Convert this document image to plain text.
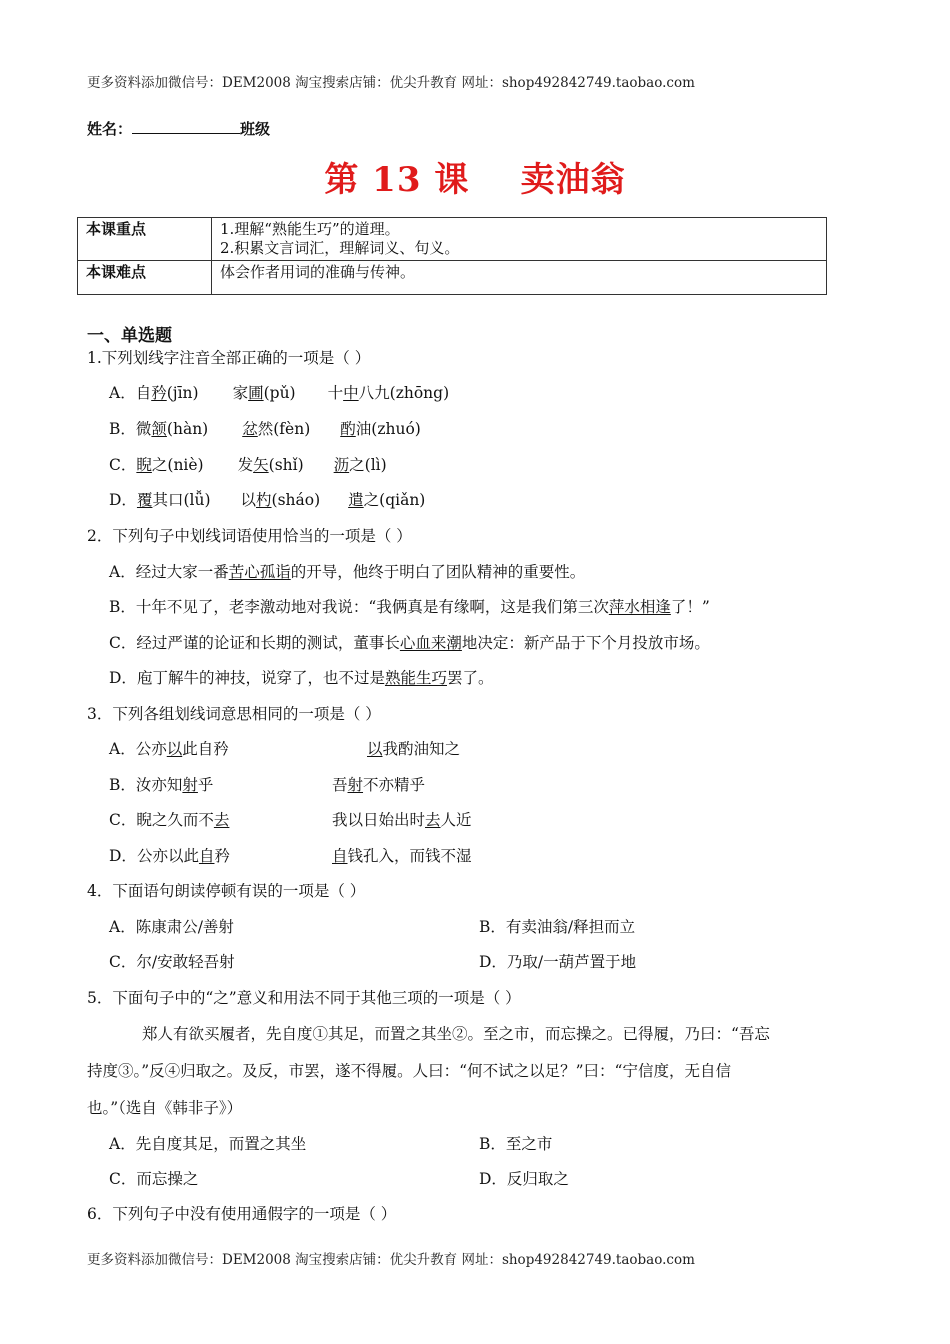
更多资料添加微信号：DEM2008 淘宝搜索店铺：优尖升教育 网址：shop492842749.taobao.com
姓名：	班级
第 13 课    卖油翁
本课重点	1.理解“熟能生巧”的道理。
2.积累文言词汇，理解词义、句义。

本课难点	体会作者用词的准确与传神。
一、单选题
1.下列划线字注音全部正确的一项是（ ）
A．自矜(jīn) 家圃(pǔ) 十中八九(zhōng)
B．微颔(hàn) 忿然(fèn) 酌油(zhuó)
C．睨之(niè) 发矢(shǐ) 沥之(lì)
D．覆其口(lǚ) 以杓(sháo) 遣之(qiǎn)
2．下列句子中划线词语使用恰当的一项是（ ）
A．经过大家一番苦心孤诣的开导，他终于明白了团队精神的重要性。
B．十年不见了，老李激动地对我说：“我俩真是有缘啊，这是我们第三次萍水相逢了！”
C．经过严谨的论证和长期的测试，董事长心血来潮地决定：新产品于下个月投放市场。
D．庖丁解牛的神技，说穿了，也不过是熟能生巧罢了。
3．下列各组划线词意思相同的一项是（ ）
A．公亦以此自矜	以我酌油知之
B．汝亦知射乎	吾射不亦精乎
C．睨之久而不去	我以日始出时去人近
D．公亦以此自矜	自钱孔入，而钱不湿
4．下面语句朗读停顿有误的一项是（ ）
A．陈康肃公/善射	B．有卖油翁/释担而立
C．尔/安敢轻吾射	D．乃取/一葫芦置于地
5．下面句子中的“之”意义和用法不同于其他三项的一项是（ ）
郑人有欲买履者，先自度①其足，而置之其坐②。至之市，而忘操之。已得履，乃曰：“吾忘
持度③。”反④归取之。及反，市罢，遂不得履。人曰：“何不试之以足？”曰：“宁信度，无自信
也。”（选自《韩非子》）
A．先自度其足，而置之其坐	B．至之市
C．而忘操之	D．反归取之
6．下列句子中没有使用通假字的一项是（ ）
更多资料添加微信号：DEM2008 淘宝搜索店铺：优尖升教育 网址：shop492842749.taobao.com
